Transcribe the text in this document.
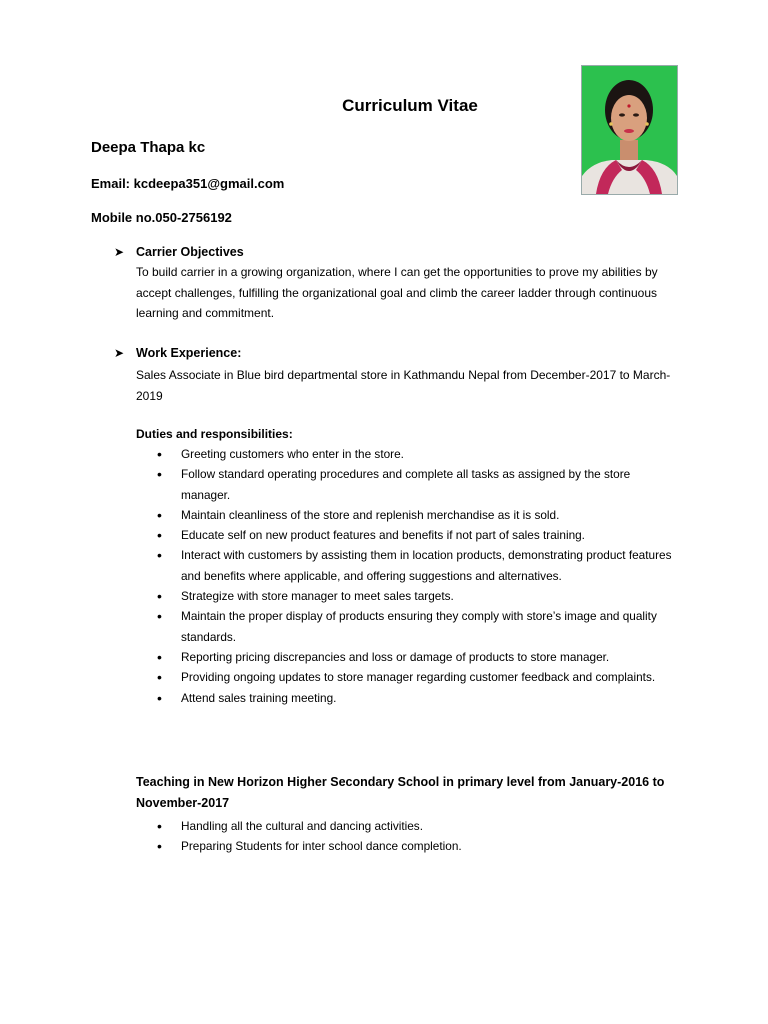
Curriculum Vitae
Deepa Thapa kc
Email: kcdeepa351@gmail.com
Mobile no.050-2756192
➤ Carrier Objectives
To build carrier in a growing organization, where I can get the opportunities to prove my abilities by accept challenges, fulfilling the organizational goal and climb the career ladder through continuous learning and commitment.
➤ Work Experience:
Sales Associate in Blue bird departmental store in Kathmandu Nepal from December-2017 to March-2019
Duties and responsibilities:
• Greeting customers who enter in the store.
• Follow standard operating procedures and complete all tasks as assigned by the store manager.
• Maintain cleanliness of the store and replenish merchandise as it is sold.
• Educate self on new product features and benefits if not part of sales training.
• Interact with customers by assisting them in location products, demonstrating product features and benefits where applicable, and offering suggestions and alternatives.
• Strategize with store manager to meet sales targets.
• Maintain the proper display of products ensuring they comply with store’s image and quality standards.
• Reporting pricing discrepancies and loss or damage of products to store manager.
• Providing ongoing updates to store manager regarding customer feedback and complaints.
• Attend sales training meeting.
Teaching in New Horizon Higher Secondary School in primary level from January-2016 to November-2017
• Handling all the cultural and dancing activities.
• Preparing Students for inter school dance completion.
